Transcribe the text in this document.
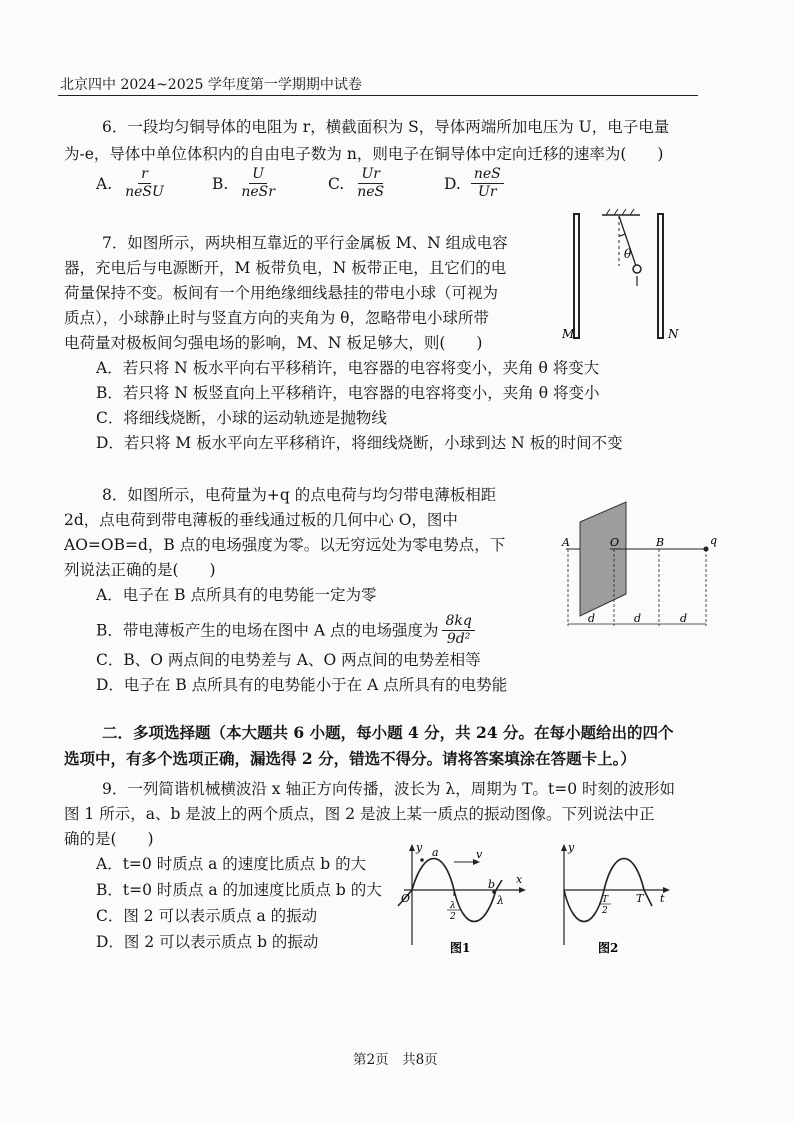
北京四中 2024~2025 学年度第一学期期中试卷
6．一段均匀铜导体的电阻为 r，横截面积为 S，导体两端所加电压为 U，电子电量
为-e，导体中单位体积内的自由电子数为 n，则电子在铜导体中定向迁移的速率为(　　)
A. $\frac{r}{\text{neSU}}$	B. $\frac{U}{\text{neSr}}$	C. $\frac{Ur}{\text{neS}}$	D. $\frac{\text{neS}}{Ur}$
7．如图所示，两块相互靠近的平行金属板 M、N 组成电容
器，充电后与电源断开，M 板带负电，N 板带正电，且它们的电
荷量保持不变。板间有一个用绝缘细线悬挂的带电小球（可视为
质点），小球静止时与竖直方向的夹角为 θ，忽略带电小球所带
电荷量对极板间匀强电场的影响，M、N 板足够大，则(　　)
A．若只将 N 板水平向右平移稍许，电容器的电容将变小，夹角 θ 将变大
B．若只将 N 板竖直向上平移稍许，电容器的电容将变小，夹角 θ 将变小
C．将细线烧断，小球的运动轨迹是抛物线
D．若只将 M 板水平向左平移稍许，将细线烧断，小球到达 N 板的时间不变
θ
M	N
8．如图所示，电荷量为+q 的点电荷与均匀带电薄板相距
2d，点电荷到带电薄板的垂线通过板的几何中心 O，图中
AO=OB=d，B 点的电场强度为零。以无穷远处为零电势点，下
列说法正确的是(　　)
A．电子在 B 点所具有的电势能一定为零
B．带电薄板产生的电场在图中 A 点的电场强度为 $\frac{8kq}{\text{9d²}}$
C．B、O 两点间的电势差与 A、O 两点间的电势差相等
D．电子在 B 点所具有的电势能小于在 A 点所具有的电势能
A	O	B	q
d	d	d
二．多项选择题（本大题共 6 小题，每小题 4 分，共 24 分。在每小题给出的四个
选项中，有多个选项正确，漏选得 2 分，错选不得分。请将答案填涂在答题卡上。）
9．一列简谐机械横波沿 x 轴正方向传播，波长为 λ，周期为 T。t=0 时刻的波形如
图 1 所示，a、b 是波上的两个质点，图 2 是波上某一质点的振动图像。下列说法中正
确的是(　　)
A．t=0 时质点 a 的速度比质点 b 的大
B．t=0 时质点 a 的加速度比质点 b 的大
C．图 2 可以表示质点 a 的振动
D．图 2 可以表示质点 b 的振动
y a	v
x
O
b
λ
2
λ
图1
y
t
T
2
T
图2
第2页　共8页
